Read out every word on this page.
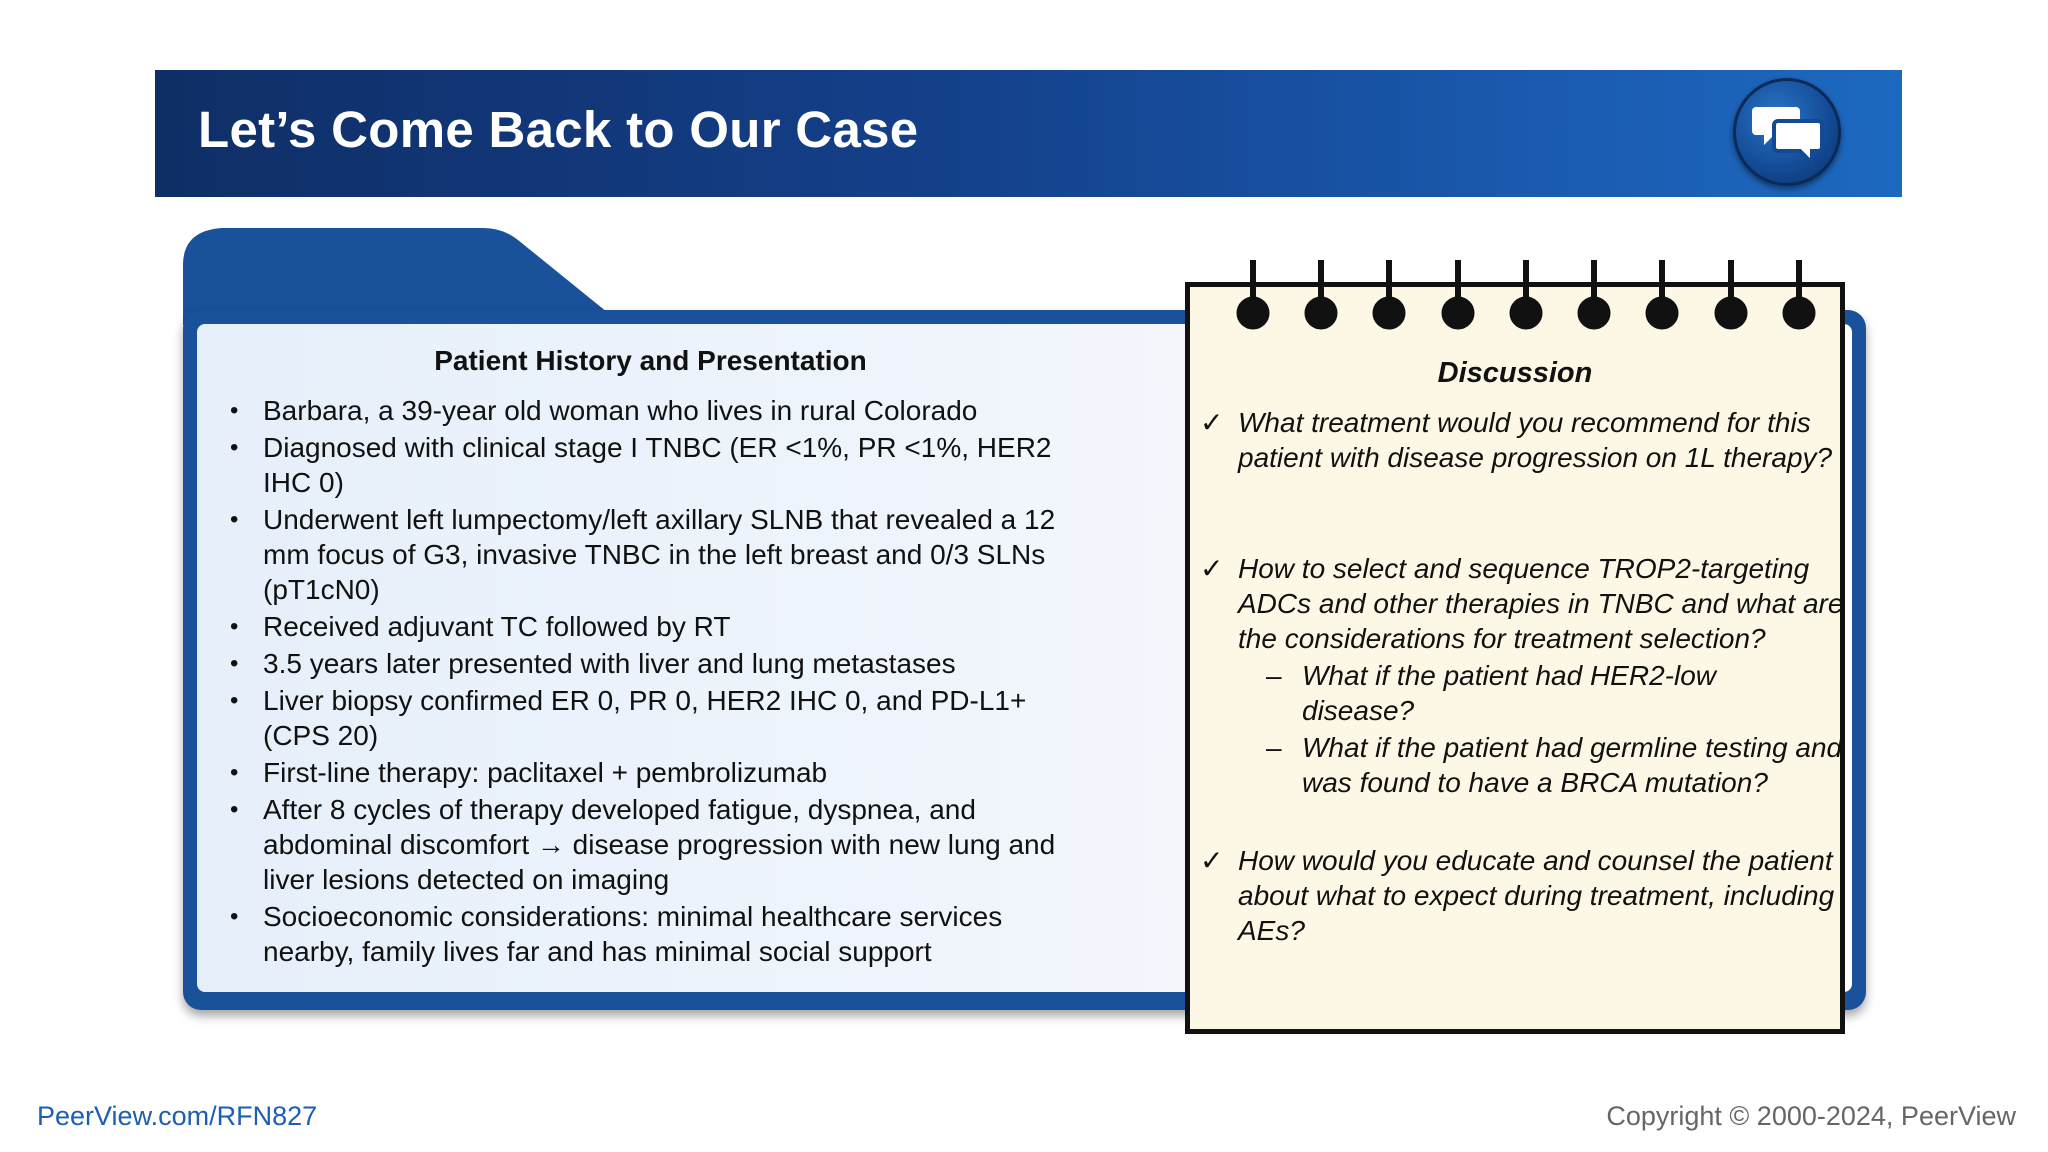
Let’s Come Back to Our Case
Patient History and Presentation
• Barbara, a 39-year old woman who lives in rural Colorado
• Diagnosed with clinical stage I TNBC (ER <1%, PR <1%, HER2 IHC 0)
• Underwent left lumpectomy/left axillary SLNB that revealed a 12 mm focus of G3, invasive TNBC in the left breast and 0/3 SLNs (pT1cN0)
• Received adjuvant TC followed by RT
• 3.5 years later presented with liver and lung metastases
• Liver biopsy confirmed ER 0, PR 0, HER2 IHC 0, and PD-L1+ (CPS 20)
• First-line therapy: paclitaxel + pembrolizumab
• After 8 cycles of therapy developed fatigue, dyspnea, and abdominal discomfort → disease progression with new lung and liver lesions detected on imaging
• Socioeconomic considerations: minimal healthcare services nearby, family lives far and has minimal social support
Discussion
✓ What treatment would you recommend for this patient with disease progression on 1L therapy?
✓ How to select and sequence TROP2-targeting ADCs and other therapies in TNBC and what are the considerations for treatment selection?
– What if the patient had HER2-low disease?
– What if the patient had germline testing and was found to have a BRCA mutation?
✓ How would you educate and counsel the patient about what to expect during treatment, including AEs?
PeerView.com/RFN827	Copyright © 2000-2024, PeerView
